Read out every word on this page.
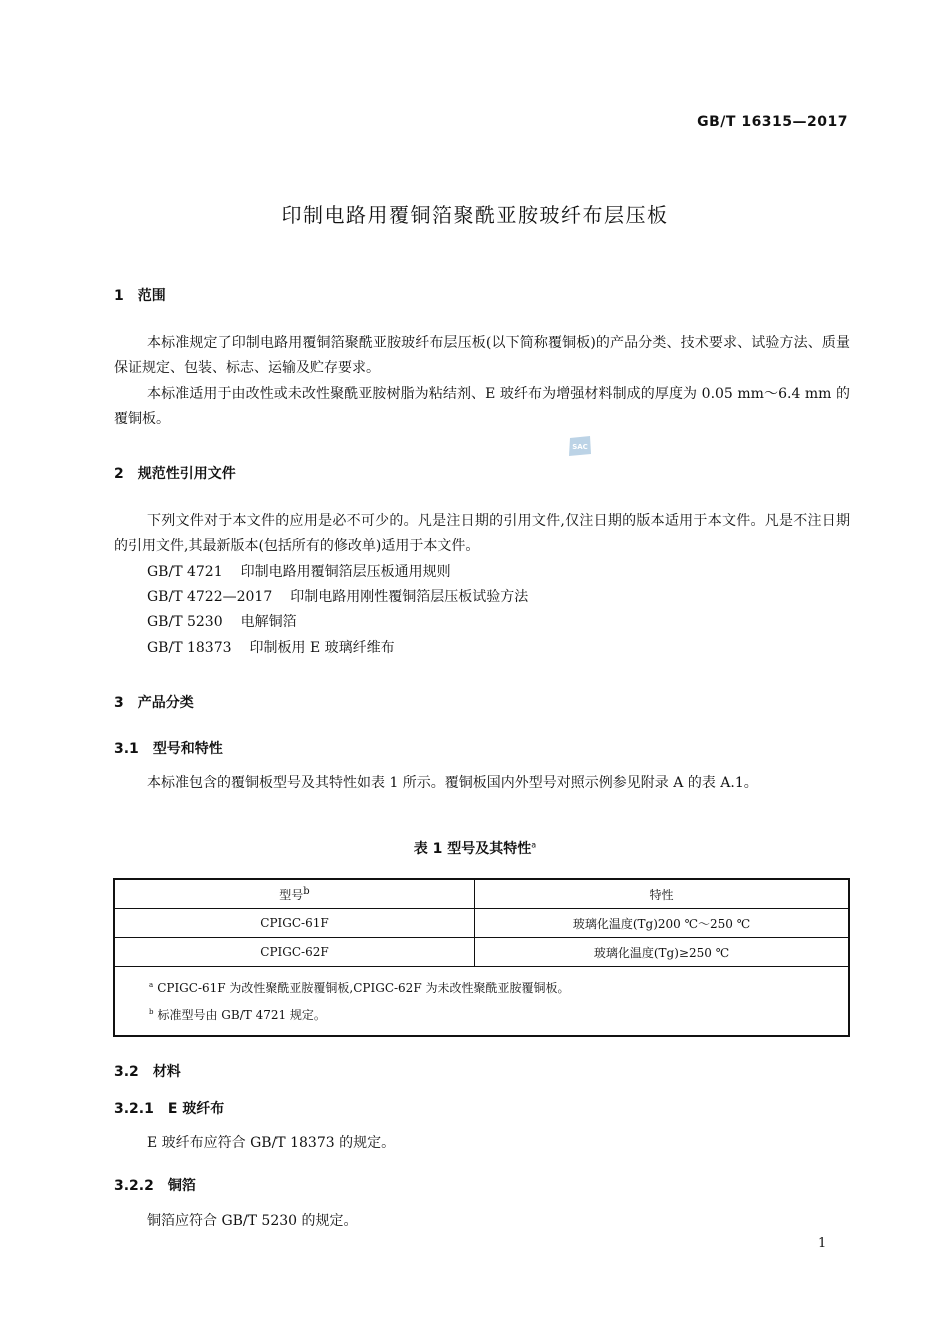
GB/T 16315—2017
印制电路用覆铜箔聚酰亚胺玻纤布层压板
SAC
1 范围
本标准规定了印制电路用覆铜箔聚酰亚胺玻纤布层压板(以下简称覆铜板)的产品分类、技术要求、试验方法、质量保证规定、包装、标志、运输及贮存要求。
本标准适用于由改性或未改性聚酰亚胺树脂为粘结剂、E 玻纤布为增强材料制成的厚度为 0.05 mm～6.4 mm 的覆铜板。
2 规范性引用文件
下列文件对于本文件的应用是必不可少的。凡是注日期的引用文件,仅注日期的版本适用于本文件。凡是不注日期的引用文件,其最新版本(包括所有的修改单)适用于本文件。
GB/T 4721 印制电路用覆铜箔层压板通用规则
GB/T 4722—2017 印制电路用刚性覆铜箔层压板试验方法
GB/T 5230 电解铜箔
GB/T 18373 印制板用 E 玻璃纤维布
3 产品分类
3.1 型号和特性
本标准包含的覆铜板型号及其特性如表 1 所示。覆铜板国内外型号对照示例参见附录 A 的表 A.1。
表 1 型号及其特性$^a$
型号$^b$	特性
CPIGC-61F	玻璃化温度(Tg)200 ℃～250 ℃
CPIGC-62F	玻璃化温度(Tg)≥250 ℃

$^a$ CPIGC-61F 为改性聚酰亚胺覆铜板,CPIGC-62F 为未改性聚酰亚胺覆铜板。
$^b$ 标准型号由 GB/T 4721 规定。	
3.2 材料
3.2.1 E 玻纤布
E 玻纤布应符合 GB/T 18373 的规定。
3.2.2 铜箔
铜箔应符合 GB/T 5230 的规定。
1
